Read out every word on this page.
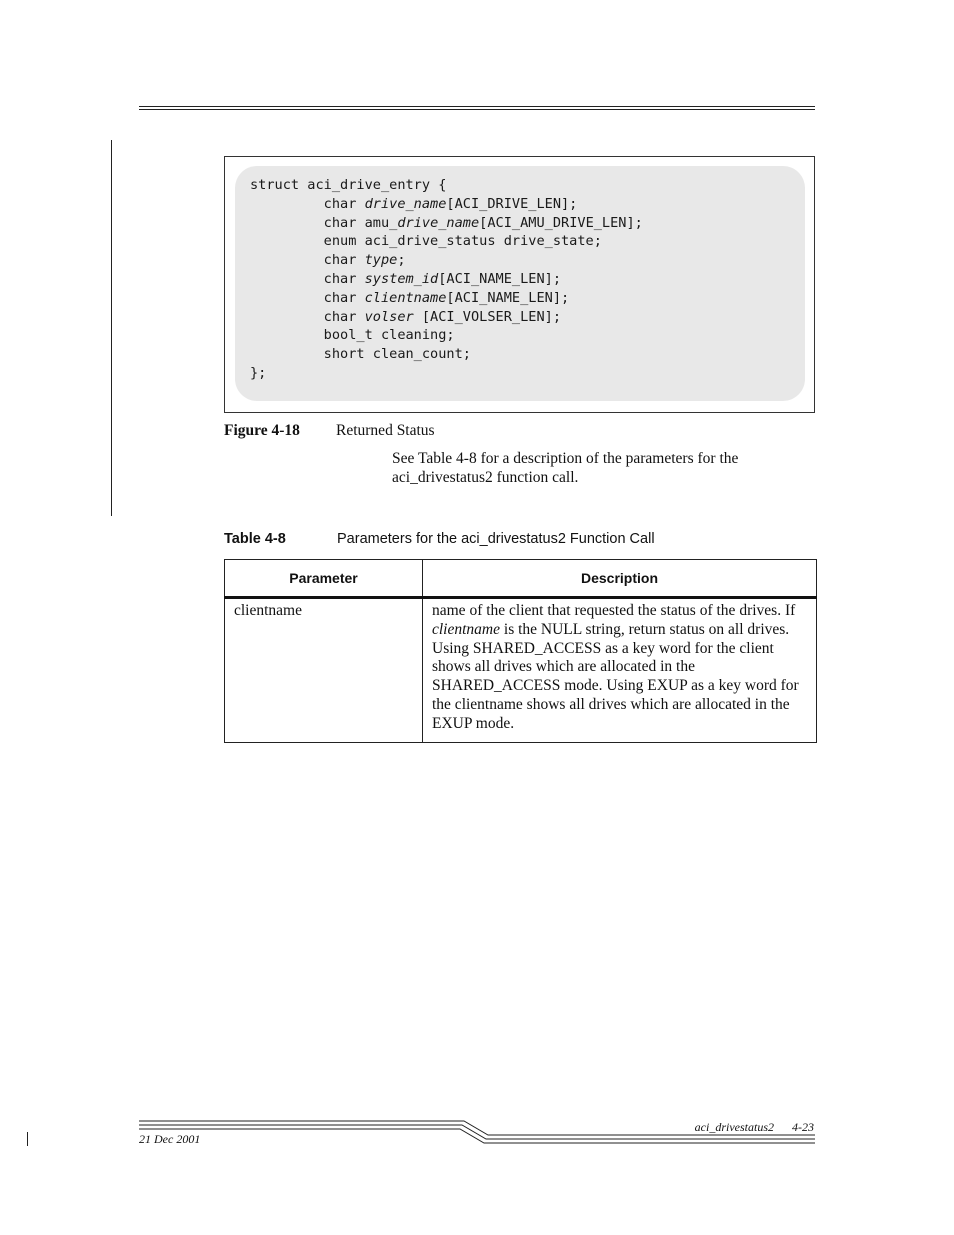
struct aci_drive_entry {
char drive_name[ACI_DRIVE_LEN];
char amu_drive_name[ACI_AMU_DRIVE_LEN];
enum aci_drive_status drive_state;
char type;
char system_id[ACI_NAME_LEN];
char clientname[ACI_NAME_LEN];
char volser [ACI_VOLSER_LEN];
bool_t cleaning;
short clean_count;
};
Figure 4-18 Returned Status
See Table 4-8 for a description of the parameters for the aci_drivestatus2 function call.
Table 4-8	Parameters for the aci_drivestatus2 Function Call
Parameter	Description
clientname	name of the client that requested the status of the drives. If clientname is the NULL string, return status on all drives.
Using SHARED_ACCESS as a key word for the client shows all drives which are allocated in the SHARED_ACCESS mode. Using EXUP as a key word for the clientname shows all drives which are allocated in the EXUP mode.
aci_drivestatus2 4-23
21 Dec 2001
